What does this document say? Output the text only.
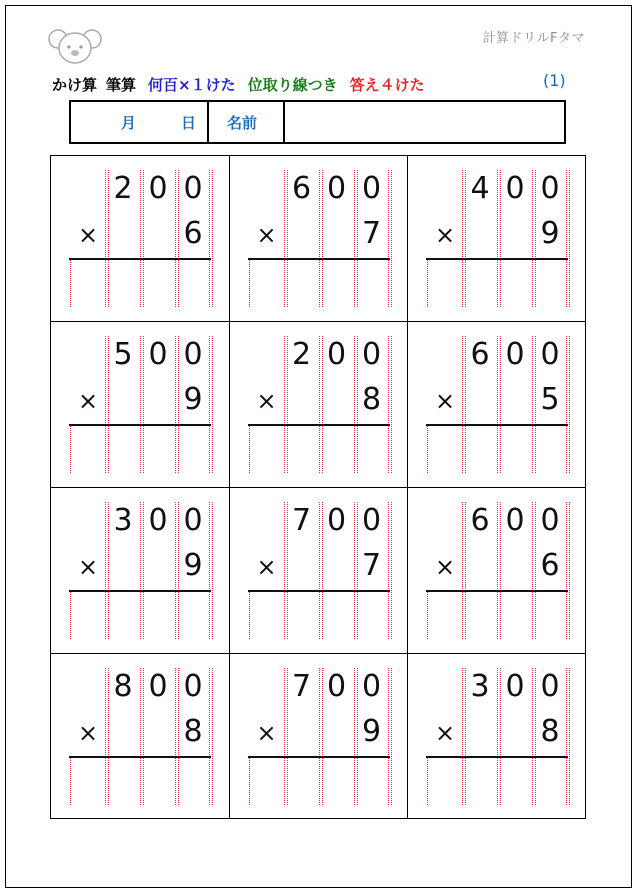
計算ドリルFタマ
かけ算 筆算 何百×１けた 位取り線つき 答え４けた	(1)
月	日 名前
2 0 0
×	6
6 0 0
×	7
4 0 0
×	9
5 0 0
×	9
2 0 0
×	8
6 0 0
×	5
3 0 0
×	9
7 0 0
×	7
6 0 0
×	6
8 0 0
×	8
7 0 0
×	9
3 0 0
×	8
